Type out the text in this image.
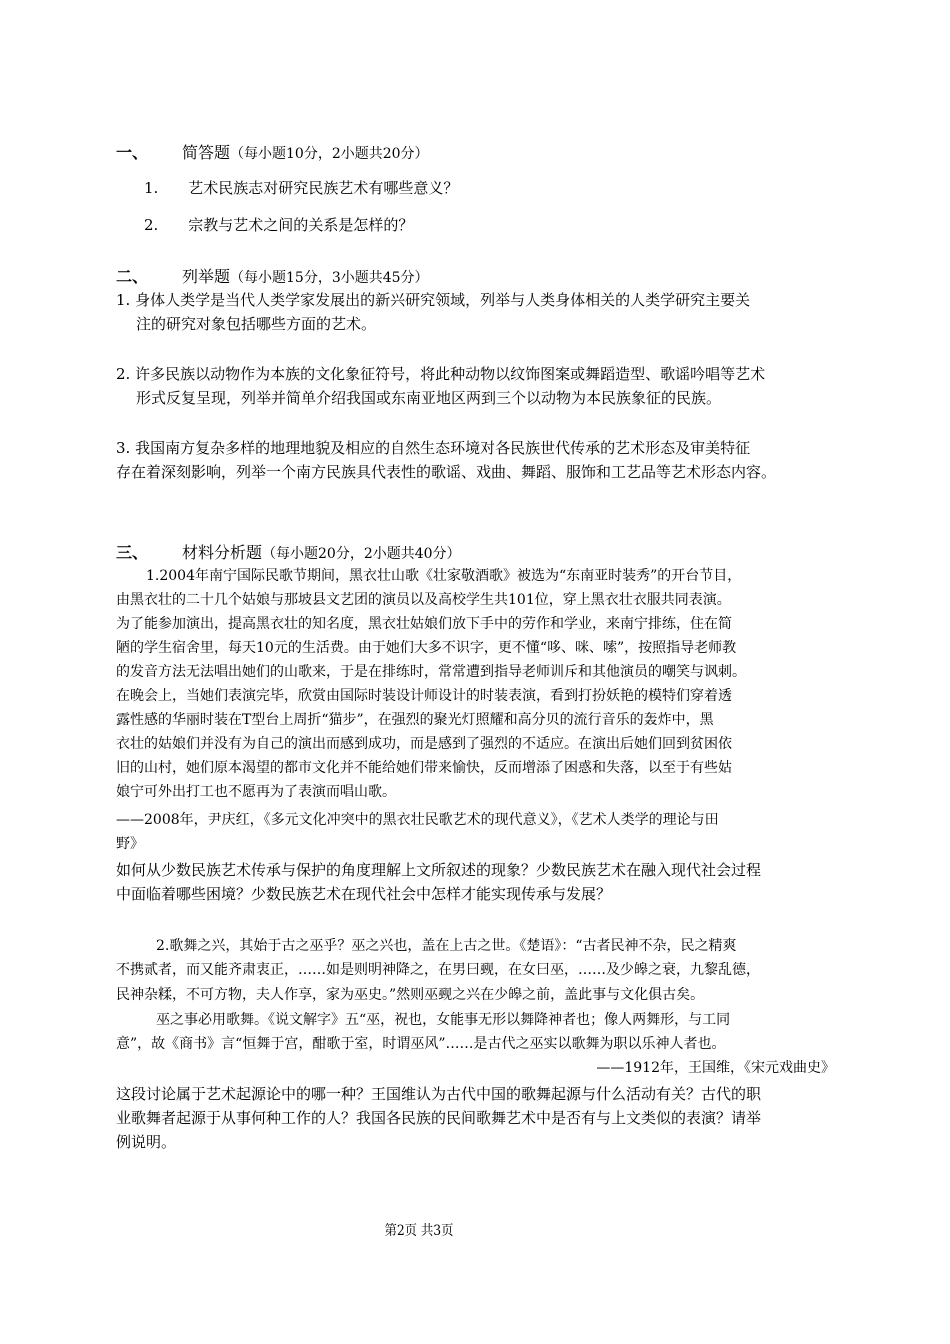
一、 简答题（每小题10分，2小题共20分）
1.　　艺术民族志对研究民族艺术有哪些意义？
2.　　宗教与艺术之间的关系是怎样的？
二、 列举题（每小题15分，3小题共45分）
1. 身体人类学是当代人类学家发展出的新兴研究领域，列举与人类身体相关的人类学研究主要关
注的研究对象包括哪些方面的艺术。
2. 许多民族以动物作为本族的文化象征符号，将此种动物以纹饰图案或舞蹈造型、歌谣吟唱等艺术
形式反复呈现，列举并简单介绍我国或东南亚地区两到三个以动物为本民族象征的民族。
3. 我国南方复杂多样的地理地貌及相应的自然生态环境对各民族世代传承的艺术形态及审美特征
存在着深刻影响，列举一个南方民族具代表性的歌谣、戏曲、舞蹈、服饰和工艺品等艺术形态内容。
三、 材料分析题（每小题20分，2小题共40分）
1.2004年南宁国际民歌节期间，黑衣壮山歌《壮家敬酒歌》被选为“东南亚时装秀”的开台节目，
由黑衣壮的二十几个姑娘与那坡县文艺团的演员以及高校学生共101位，穿上黑衣壮衣服共同表演。
为了能参加演出，提高黑衣壮的知名度，黑衣壮姑娘们放下手中的劳作和学业，来南宁排练，住在简
陋的学生宿舍里，每天10元的生活费。由于她们大多不识字，更不懂“哆、咪、嗦”，按照指导老师教
的发音方法无法唱出她们的山歌来，于是在排练时，常常遭到指导老师训斥和其他演员的嘲笑与讽刺。
在晚会上，当她们表演完毕，欣赏由国际时装设计师设计的时装表演，看到打扮妖艳的模特们穿着透
露性感的华丽时装在T型台上周折“猫步”，在强烈的聚光灯照耀和高分贝的流行音乐的轰炸中，黑
衣壮的姑娘们并没有为自己的演出而感到成功，而是感到了强烈的不适应。在演出后她们回到贫困依
旧的山村，她们原本渴望的都市文化并不能给她们带来愉快，反而增添了困惑和失落，以至于有些姑
娘宁可外出打工也不愿再为了表演而唱山歌。
——2008年，尹庆红，《多元文化冲突中的黑衣壮民歌艺术的现代意义》，《艺术人类学的理论与田
野》
如何从少数民族艺术传承与保护的角度理解上文所叙述的现象？少数民族艺术在融入现代社会过程
中面临着哪些困境？少数民族艺术在现代社会中怎样才能实现传承与发展？
2.歌舞之兴，其始于古之巫乎？巫之兴也，盖在上古之世。《楚语》：“古者民神不杂，民之精爽
不携贰者，而又能齐肃衷正，……如是则明神降之，在男曰觋，在女曰巫，……及少皞之衰，九黎乱德，
民神杂糅，不可方物，夫人作享，家为巫史。”然则巫觋之兴在少皞之前，盖此事与文化俱古矣。
巫之事必用歌舞。《说文解字》五“巫，祝也，女能事无形以舞降神者也；像人两舞形，与工同
意”，故《商书》言“恒舞于宫，酣歌于室，时谓巫风”……是古代之巫实以歌舞为职以乐神人者也。
——1912年，王国维，《宋元戏曲史》
这段讨论属于艺术起源论中的哪一种？王国维认为古代中国的歌舞起源与什么活动有关？古代的职
业歌舞者起源于从事何种工作的人？我国各民族的民间歌舞艺术中是否有与上文类似的表演？请举
例说明。
第2页 共3页
